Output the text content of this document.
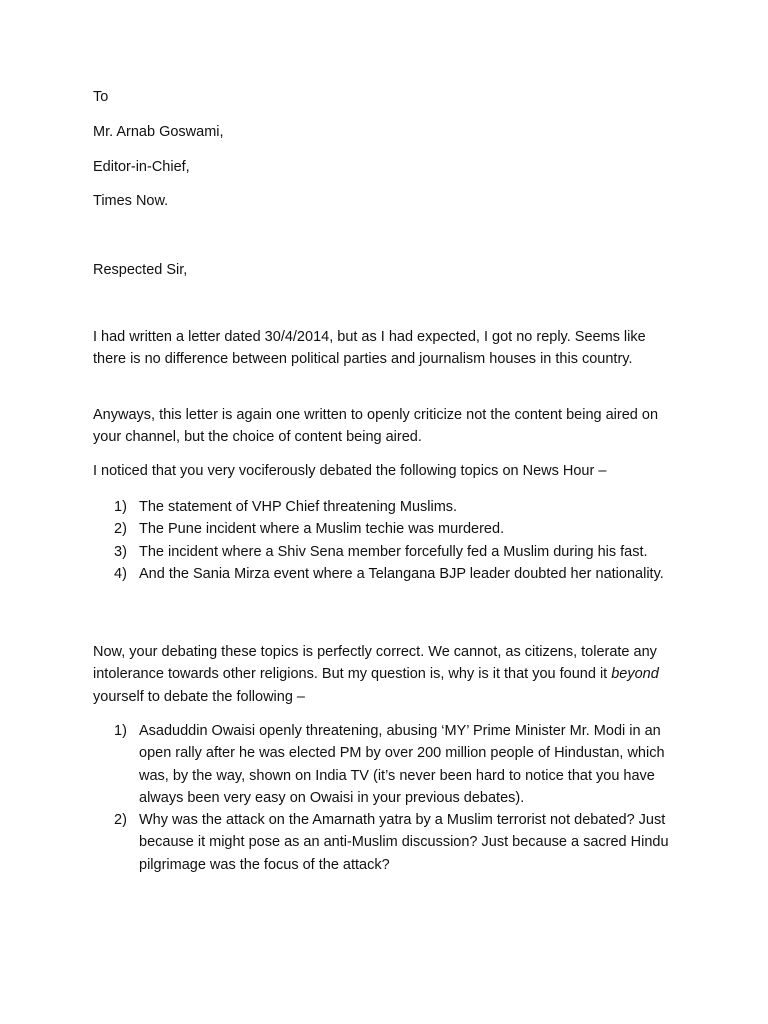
To

Mr. Arnab Goswami,

Editor-in-Chief,

Times Now.

Respected Sir,

I had written a letter dated 30/4/2014, but as I had expected, I got no reply. Seems like there is no difference between political parties and journalism houses in this country.

Anyways, this letter is again one written to openly criticize not the content being aired on your channel, but the choice of content being aired.

I noticed that you very vociferously debated the following topics on News Hour –

1) The statement of VHP Chief threatening Muslims.
2) The Pune incident where a Muslim techie was murdered.
3) The incident where a Shiv Sena member forcefully fed a Muslim during his fast.
4) And the Sania Mirza event where a Telangana BJP leader doubted her nationality.

Now, your debating these topics is perfectly correct. We cannot, as citizens, tolerate any intolerance towards other religions. But my question is, why is it that you found it beyond yourself to debate the following –

1) Asaduddin Owaisi openly threatening, abusing ‘MY’ Prime Minister Mr. Modi in an open rally after he was elected PM by over 200 million people of Hindustan, which was, by the way, shown on India TV (it’s never been hard to notice that you have always been very easy on Owaisi in your previous debates).
2) Why was the attack on the Amarnath yatra by a Muslim terrorist not debated? Just because it might pose as an anti-Muslim discussion? Just because a sacred Hindu pilgrimage was the focus of the attack?
